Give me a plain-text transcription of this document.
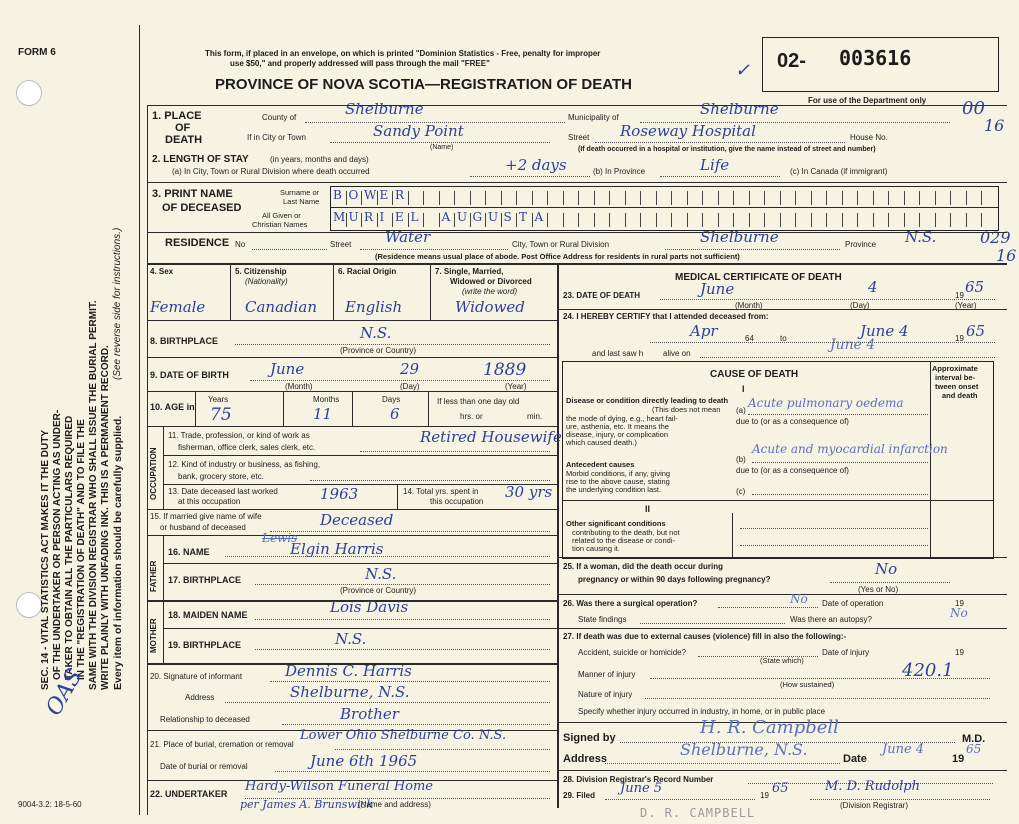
FORM 6
SEC. 14 - VITAL STATISTICS ACT MAKES IT THE DUTY OF THE UNDERTAKER OR PERSON ACTING AS UNDER- TAKER TO OBTAIN ALL THE PARTICULARS REQUIRED IN THE "REGISTRATION OF DEATH" AND TO FILE THE SAME WITH THE DIVISION REGISTRAR WHO SHALL ISSUE THE BURIAL PERMIT. WRITE PLAINLY WITH UNFADING INK. THIS IS A PERMANENT RECORD. Every item of information should be carefully supplied.
(See reverse side for instructions.)
OAS
9004-3.2: 18-5-60
This form, if placed in an envelope, on which is printed "Dominion Statistics - Free, penalty for improper
use $50," and properly addressed will pass through the mail "FREE"
PROVINCE OF NOVA SCOTIA—REGISTRATION OF DEATH
02- 003616
For use of the Department only 00
16
029
16
1. PLACE
OF
DEATH
County of	Shelburne	Municipality of	Shelburne
If in City or Town	Sandy Point
(Name)
Street Roseway Hospital	House No.
(If death occurred in a hospital or institution, give the name instead of street and number)
2. LENGTH OF STAY	(in years, months and days)
(a) In City, Town or Rural Division where death occurred	+2 days	(b) In Province	Life	(c) In Canada (if immigrant)
3. PRINT NAME
OF DECEASED
Surname or
Last Name
All Given or
Christian Names
B O W E R
M U R I E L A U G U S T A
RESIDENCE No	Street Water	City, Town or Rural Division	Shelburne	Province N.S.
(Residence means usual place of abode. Post Office Address for residents in rural parts not sufficient)
4. Sex
Female
5. Citizenship
(Nationality)
Canadian
6. Racial Origin
English
7. Single, Married,
Widowed or Divorced
(write the word)
Widowed
8. BIRTHPLACE	N.S.
(Province or Country)
9. DATE OF BIRTH	June	29	1889
(Month)	(Day)	(Year)
10. AGE in
Years
75
Months
11
Days
6
If less than one day old
hrs. or	min.
OCCUPATION
11. Trade, profession, or kind of work as
fisherman, office clerk, sales clerk, etc.
Retired Housewife
12. Kind of industry or business, as fishing,
bank, grocery store, etc.
13. Date deceased last worked
at this occupation	1963	14. Total yrs. spent in
this occupation
30 yrs
15. If married give name of wife
or husband of deceased	Deceased
FATHER
16. NAME
Lewis
Elgin Harris
17. BIRTHPLACE	N.S.
(Province or Country)
MOTHER
18. MAIDEN NAME	Lois Davis
19. BIRTHPLACE	N.S.
20. Signature of informant	Dennis C. Harris
Address	Shelburne, N.S.
Relationship to deceased	Brother
21. Place of burial, cremation or removal
Lower Ohio Shelburne Co. N.S.
Date of burial or removal	June 6th 1965
22. UNDERTAKER Hardy-Wilson Funeral Home
per James A. Brunswick
(Name and address)
MEDICAL CERTIFICATE OF DEATH
23. DATE OF DEATH	June	4	19 65
(Month)	(Day)	(Year)
24. I HEREBY CERTIFY that I attended deceased from:
Apr	64	to	June 4	19 65
and last saw h alive on
June 4
CAUSE OF DEATH
Approximate
interval be-
tween onset
and death
I
Disease or condition directly leading to death
(This does not mean
the mode of dying, e.g., heart fail-
ure, asthenia, etc. It means the
disease, injury, or complication
which caused death.)
(a)
Acute pulmonary oedema
due to (or as a consequence of)
Antecedent causes
Morbid conditions, if any, giving
rise to the above cause, stating
the underlying condition last.
(b)
Acute and myocardial infarction
due to (or as a consequence of)
(c)
II
Other significant conditions
contributing to the death, but not
related to the disease or condi-
tion causing it.
25. If a woman, did the death occur during
pregnancy or within 90 days following pregnancy?
No
(Yes or No)
26. Was there a surgical operation?	No Date of operation	19
State findings	Was there an autopsy?	No
27. If death was due to external causes (violence) fill in also the following:-
Accident, suicide or homicide?
(State which)
Date of injury	19
Manner of injury
(How sustained)
420.1
Nature of injury
Specify whether injury occurred in industry, in home, or in public place
Signed by	H. R. Campbell
M.D.
Address	Shelburne, N.S.	Date
June 4
19
65
28. Division Registrar's Record Number
29. Filed June 5	19 65	M. D. Rudolph
(Division Registrar)
D. R. CAMPBELL
✓
